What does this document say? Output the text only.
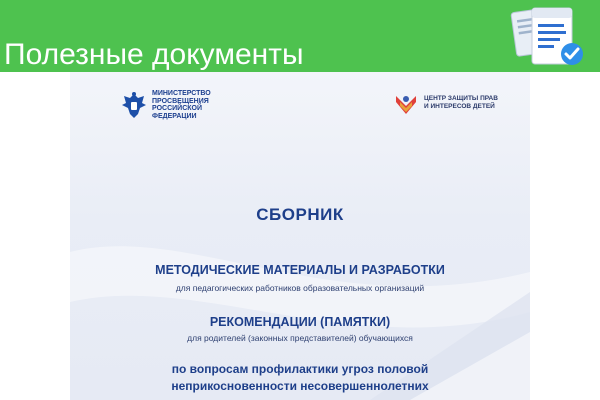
Полезные документы
МИНИСТЕРСТВО
ПРОСВЕЩЕНИЯ
РОССИЙСКОЙ
ФЕДЕРАЦИИ
ЦЕНТР ЗАЩИТЫ ПРАВ
И ИНТЕРЕСОВ ДЕТЕЙ
СБОРНИК
МЕТОДИЧЕСКИЕ МАТЕРИАЛЫ И РАЗРАБОТКИ
для педагогических работников образовательных организаций
РЕКОМЕНДАЦИИ (ПАМЯТКИ)
для родителей (законных представителей) обучающихся
по вопросам профилактики угроз половой
неприкосновенности несовершеннолетних
